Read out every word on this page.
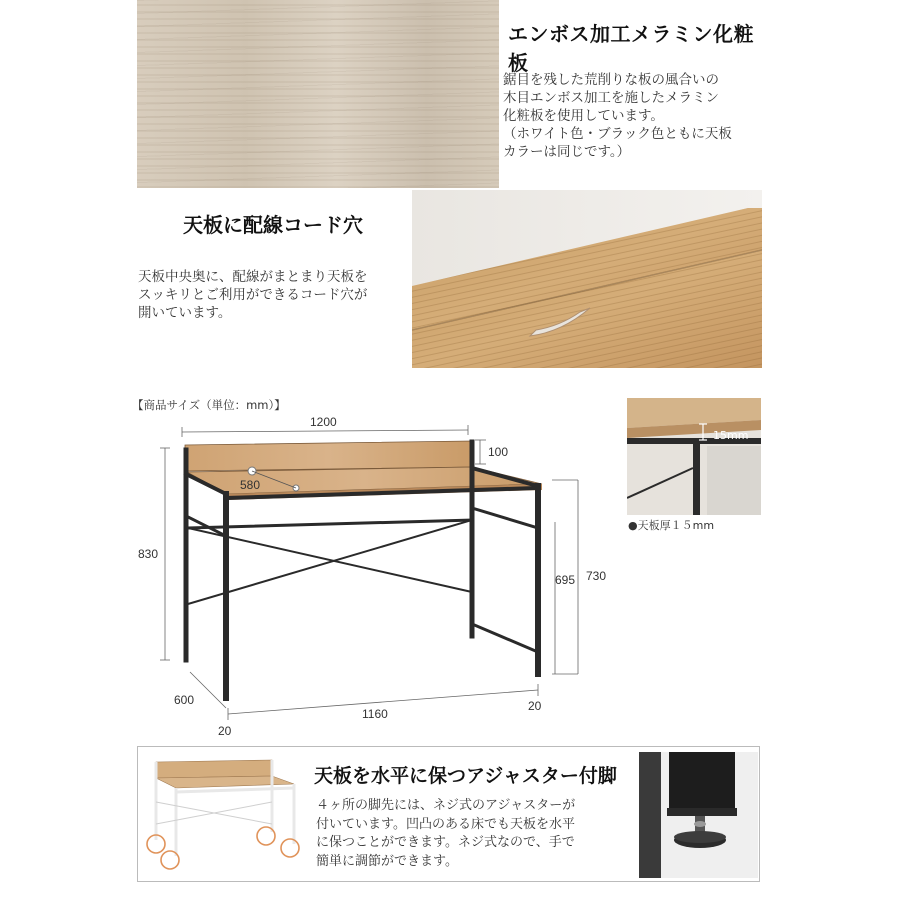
エンボス加工メラミン化粧板
鋸目を残した荒削りな板の風合いの
木目エンボス加工を施したメラミン
化粧板を使用しています。
（ホワイト色・ブラック色ともに天板
カラーは同じです。）
天板に配線コード穴
天板中央奥に、配線がまとまり天板を
スッキリとご利用ができるコード穴が
開いています。
【商品サイズ（単位：mm）】
1200
100
580
830
695 730
600
1160
20
20
15mm
●天板厚１５mm
天板を水平に保つアジャスター付脚
４ヶ所の脚先には、ネジ式のアジャスターが
付いています。凹凸のある床でも天板を水平
に保つことができます。ネジ式なので、手で
簡単に調節ができます。
